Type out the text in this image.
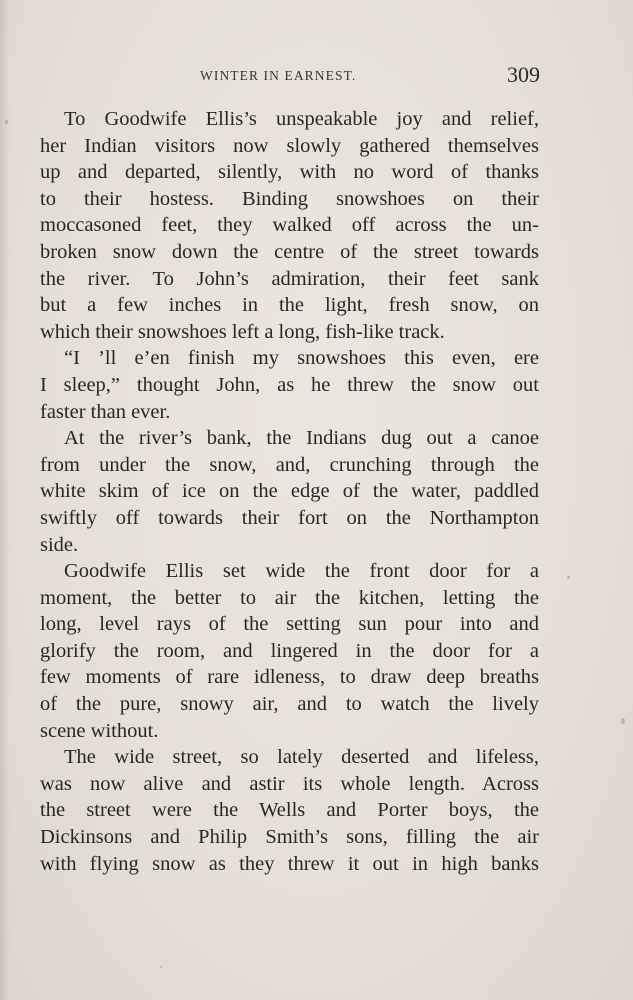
WINTER IN EARNEST.	309
To Goodwife Ellis’s unspeakable joy and relief,
her Indian visitors now slowly gathered themselves
up and departed, silently, with no word of thanks
to their hostess. Binding snowshoes on their
moccasoned feet, they walked off across the un-
broken snow down the centre of the street towards
the river. To John’s admiration, their feet sank
but a few inches in the light, fresh snow, on
which their snowshoes left a long, fish-like track.
“I ’ll e’en finish my snowshoes this even, ere
I sleep,” thought John, as he threw the snow out
faster than ever.
At the river’s bank, the Indians dug out a canoe
from under the snow, and, crunching through the
white skim of ice on the edge of the water, paddled
swiftly off towards their fort on the Northampton
side.
Goodwife Ellis set wide the front door for a
moment, the better to air the kitchen, letting the
long, level rays of the setting sun pour into and
glorify the room, and lingered in the door for a
few moments of rare idleness, to draw deep breaths
of the pure, snowy air, and to watch the lively
scene without.
The wide street, so lately deserted and lifeless,
was now alive and astir its whole length. Across
the street were the Wells and Porter boys, the
Dickinsons and Philip Smith’s sons, filling the air
with flying snow as they threw it out in high banks
